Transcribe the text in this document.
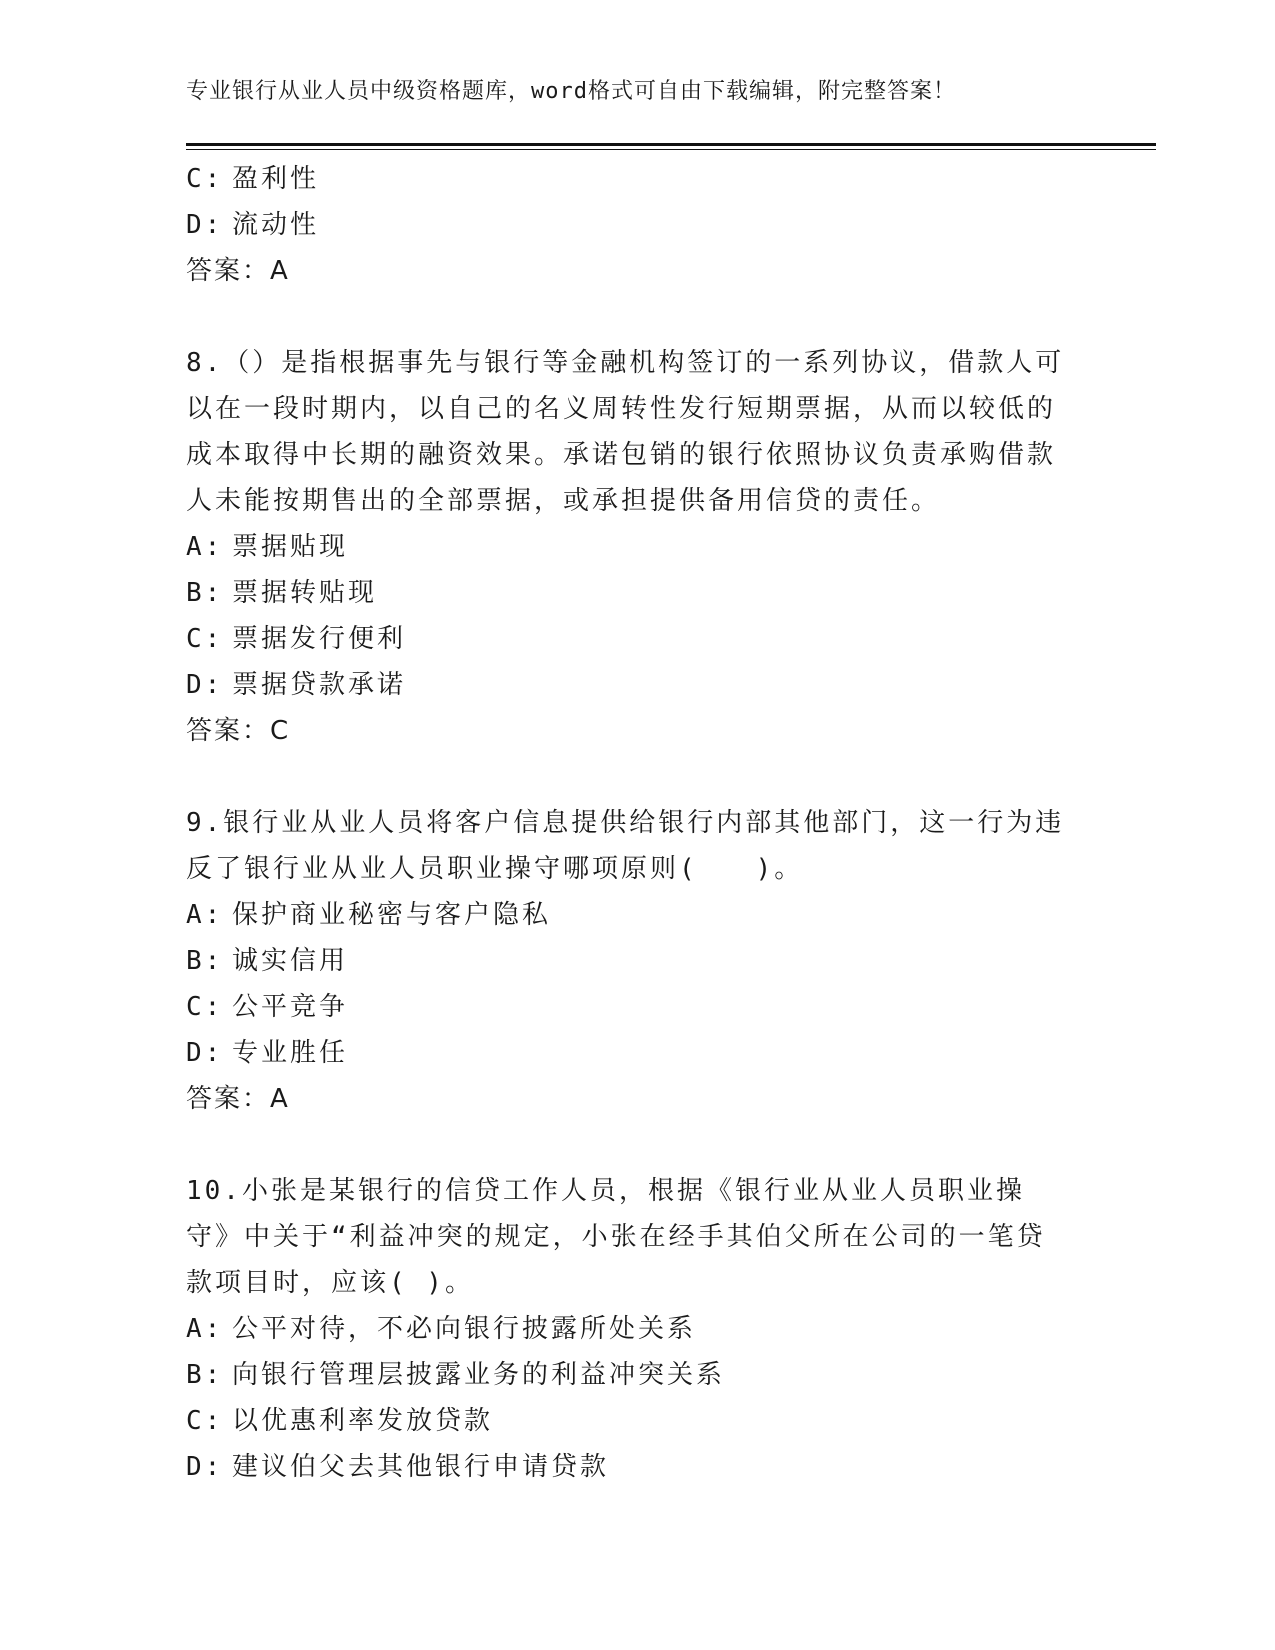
专业银行从业人员中级资格题库，word格式可自由下载编辑，附完整答案！
C: 盈利性
D: 流动性
答案：A
8.（）是指根据事先与银行等金融机构签订的一系列协议，借款人可以在一段时期内，以自己的名义周转性发行短期票据，从而以较低的成本取得中长期的融资效果。承诺包销的银行依照协议负责承购借款人未能按期售出的全部票据，或承担提供备用信贷的责任。
A: 票据贴现
B: 票据转贴现
C: 票据发行便利
D: 票据贷款承诺
答案：C
9.银行业从业人员将客户信息提供给银行内部其他部门，这一行为违反了银行业从业人员职业操守哪项原则(　　)。
A: 保护商业秘密与客户隐私
B: 诚实信用
C: 公平竞争
D: 专业胜任
答案：A
10.小张是某银行的信贷工作人员，根据《银行业从业人员职业操守》中关于“利益冲突的规定，小张在经手其伯父所在公司的一笔贷款项目时，应该( )。
A: 公平对待，不必向银行披露所处关系
B: 向银行管理层披露业务的利益冲突关系
C: 以优惠利率发放贷款
D: 建议伯父去其他银行申请贷款
